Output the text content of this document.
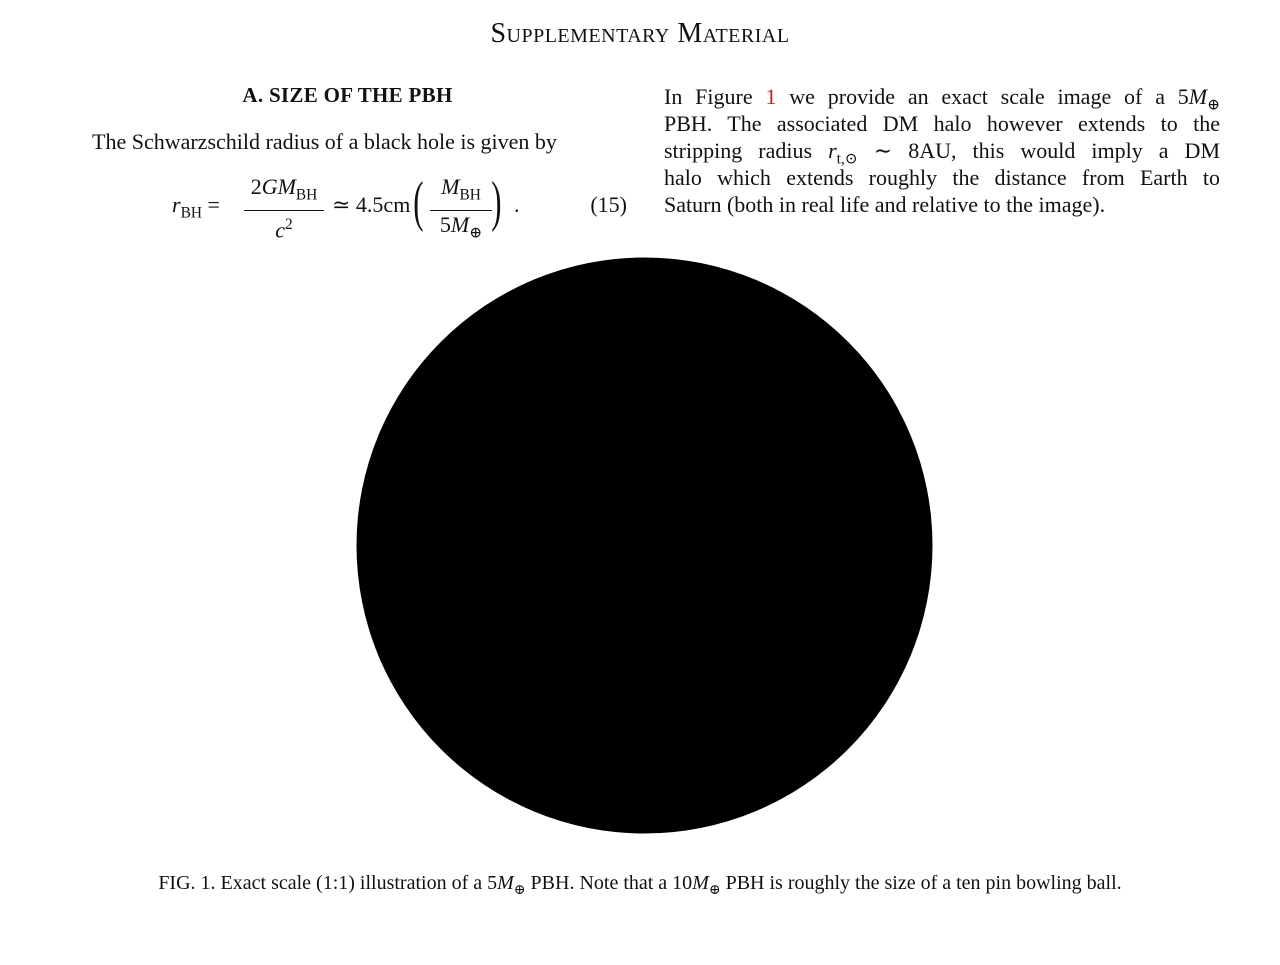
Supplementary Material
A. SIZE OF THE PBH

The Schwarzschild radius of a black hole is given by

$r_{BH}$ =
$2GM_{BH}$
$c^2$
≃ 4.5cm ( $M_{BH}$
$5M_\oplus$
) .	(15)
In Figure 1 we provide an exact scale image of a $5M_\oplus$
PBH. The associated DM halo however extends to the
stripping radius $r_{t,⊙}$ ∼ 8AU, this would imply a DM
halo which extends roughly the distance from Earth to
Saturn (both in real life and relative to the image).

FIG. 1. Exact scale (1:1) illustration of a $5M_\oplus$ PBH. Note that a $10M_\oplus$ PBH is roughly the size of a ten pin bowling ball.
